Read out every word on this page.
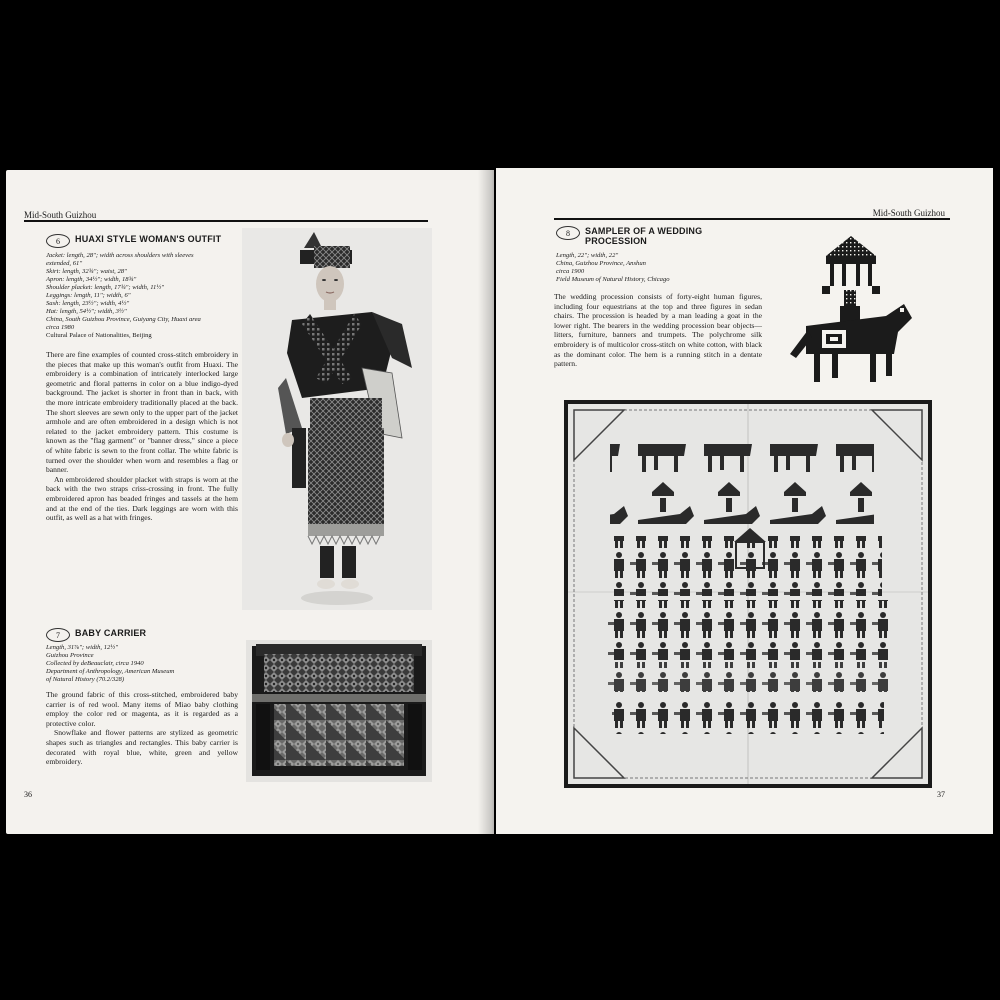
Mid-South Guizhou
6	HUAXI STYLE WOMAN'S OUTFIT
Jacket: length, 28"; width across shoulders with sleeves
extended, 61"
Skirt: length, 32¾"; waist, 28"
Apron: length, 34½"; width, 18¾"
Shoulder placket: length, 17¾"; width, 11½"
Leggings: length, 11"; width, 6"
Sash: length, 23½"; width, 4½"
Hat: length, 54½"; width, 3½"
China, South Guizhou Province, Guiyang City, Huaxi area
circa 1980
Cultural Palace of Nationalities, Beijing

There are fine examples of counted cross-stitch embroidery in the pieces that make up this woman's outfit from Huaxi. The embroidery is a combination of intricately interlocked large geometric and floral patterns in color on a blue indigo-dyed background. The jacket is shorter in front than in back, with the more intricate embroidery traditionally placed at the back. The short sleeves are sewn only to the upper part of the jacket armhole and are often embroidered in a design which is not related to the jacket embroidery pattern. This costume is known as the "flag garment" or "banner dress," since a piece of white fabric is sewn to the front collar. The white fabric is turned over the shoulder when worn and resembles a flag or banner.

An embroidered shoulder placket with straps is worn at the back with the two straps criss-crossing in front. The fully embroidered apron has beaded fringes and tassels at the hem and at the end of the ties. Dark leggings are worn with this outfit, as well as a hat with fringes.

7	BABY CARRIER
Length, 31⅞"; width, 12½"
Guizhou Province
Collected by deBeauclair, circa 1940
Department of Anthropology, American Museum
of Natural History (70.2/328)

The ground fabric of this cross-stitched, embroidered baby carrier is of red wool. Many items of Miao baby clothing employ the color red or magenta, as it is regarded as a protective color.

Snowflake and flower patterns are stylized as geometric shapes such as triangles and rectangles. This baby carrier is decorated with royal blue, white, green and yellow embroidery.

36
Mid-South Guizhou
8	SAMPLER OF A WEDDING
PROCESSION
Length, 22"; width, 22"
China, Guizhou Province, Anshun
circa 1900
Field Museum of Natural History, Chicago

The wedding procession consists of forty-eight human figures, including four equestrians at the top and three figures in sedan chairs. The procession is headed by a man leading a goat in the lower right. The bearers in the wedding procession bear objects—litters, furniture, banners and trumpets. The polychrome silk embroidery is of multicolor cross-stitch on white cotton, with black as the dominant color. The hem is a running stitch in a dentate pattern.

37
